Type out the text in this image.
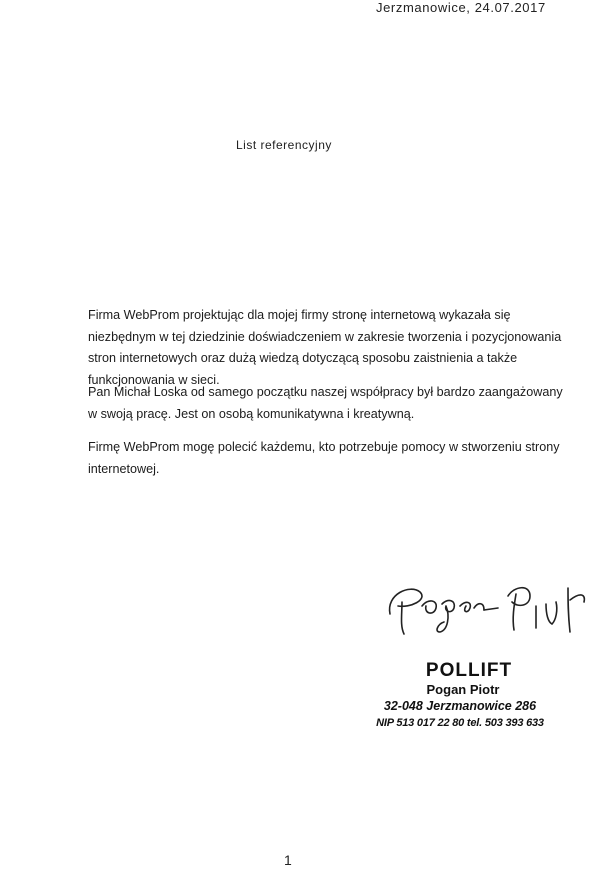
Jerzmanowice, 24.07.2017
List referencyjny
Firma WebProm projektując dla mojej firmy stronę internetową wykazała się niezbędnym w tej dziedzinie doświadczeniem w zakresie tworzenia i pozycjonowania stron internetowych oraz dużą wiedzą dotyczącą sposobu zaistnienia a także funkcjonowania w sieci.
Pan Michał Loska od samego początku naszej współpracy był bardzo zaangażowany w swoją pracę. Jest on osobą komunikatywna i kreatywną.
Firmę WebProm mogę polecić każdemu, kto potrzebuje pomocy w stworzeniu strony internetowej.
POLLIFT
Pogan Piotr
32-048 Jerzmanowice 286
NIP 513 017 22 80 tel. 503 393 633
1
